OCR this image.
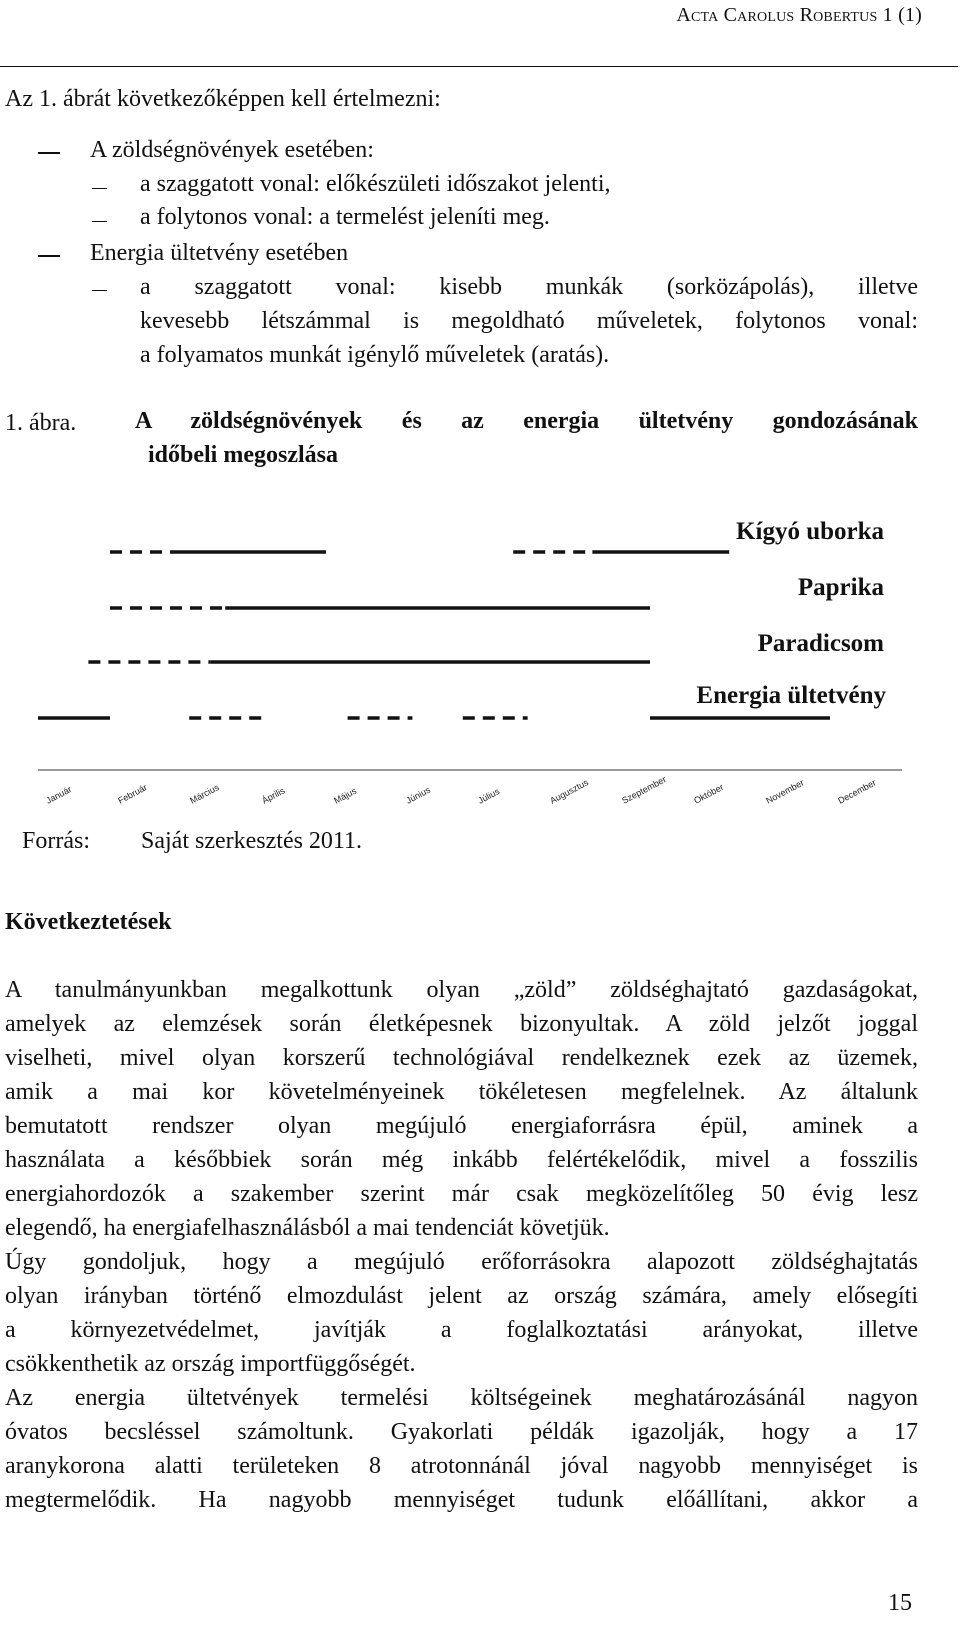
Acta Carolus Robertus 1 (1)
Az 1. ábrát következőképpen kell értelmezni:
A zöldségnövények esetében:
a szaggatott vonal: előkészületi időszakot jelenti,
a folytonos vonal: a termelést jeleníti meg.
Energia ültetvény esetében
a szaggatott vonal: kisebb munkák (sorközápolás), illetve
kevesebb létszámmal is megoldható műveletek, folytonos vonal:
a folyamatos munkát igénylő műveletek (aratás).
1. ábra. A zöldségnövények és az energia ültetvény gondozásának
időbeli megoszlása
Kígyó uborka
Paprika
Paradicsom
Energia ültetvény
Január	Február	Március	Április	Május	Június	Július	Augusztus	Szeptember	Október	November	December
Forrás: Saját szerkesztés 2011.
Következtetések
A tanulmányunkban megalkottunk olyan „zöld” zöldséghajtató gazdaságokat,
amelyek az elemzések során életképesnek bizonyultak. A zöld jelzőt joggal
viselheti, mivel olyan korszerű technológiával rendelkeznek ezek az üzemek,
amik a mai kor követelményeinek tökéletesen megfelelnek. Az általunk
bemutatott rendszer olyan megújuló energiaforrásra épül, aminek a
használata a későbbiek során még inkább felértékelődik, mivel a fosszilis
energiahordozók a szakember szerint már csak megközelítőleg 50 évig lesz
elegendő, ha energiafelhasználásból a mai tendenciát követjük.
Úgy gondoljuk, hogy a megújuló erőforrásokra alapozott zöldséghajtatás
olyan irányban történő elmozdulást jelent az ország számára, amely elősegíti
a környezetvédelmet, javítják a foglalkoztatási arányokat, illetve
csökkenthetik az ország importfüggőségét.
Az energia ültetvények termelési költségeinek meghatározásánál nagyon
óvatos becsléssel számoltunk. Gyakorlati példák igazolják, hogy a 17
aranykorona alatti területeken 8 atrotonnánál jóval nagyobb mennyiséget is
megtermelődik. Ha nagyobb mennyiséget tudunk előállítani, akkor a
15
